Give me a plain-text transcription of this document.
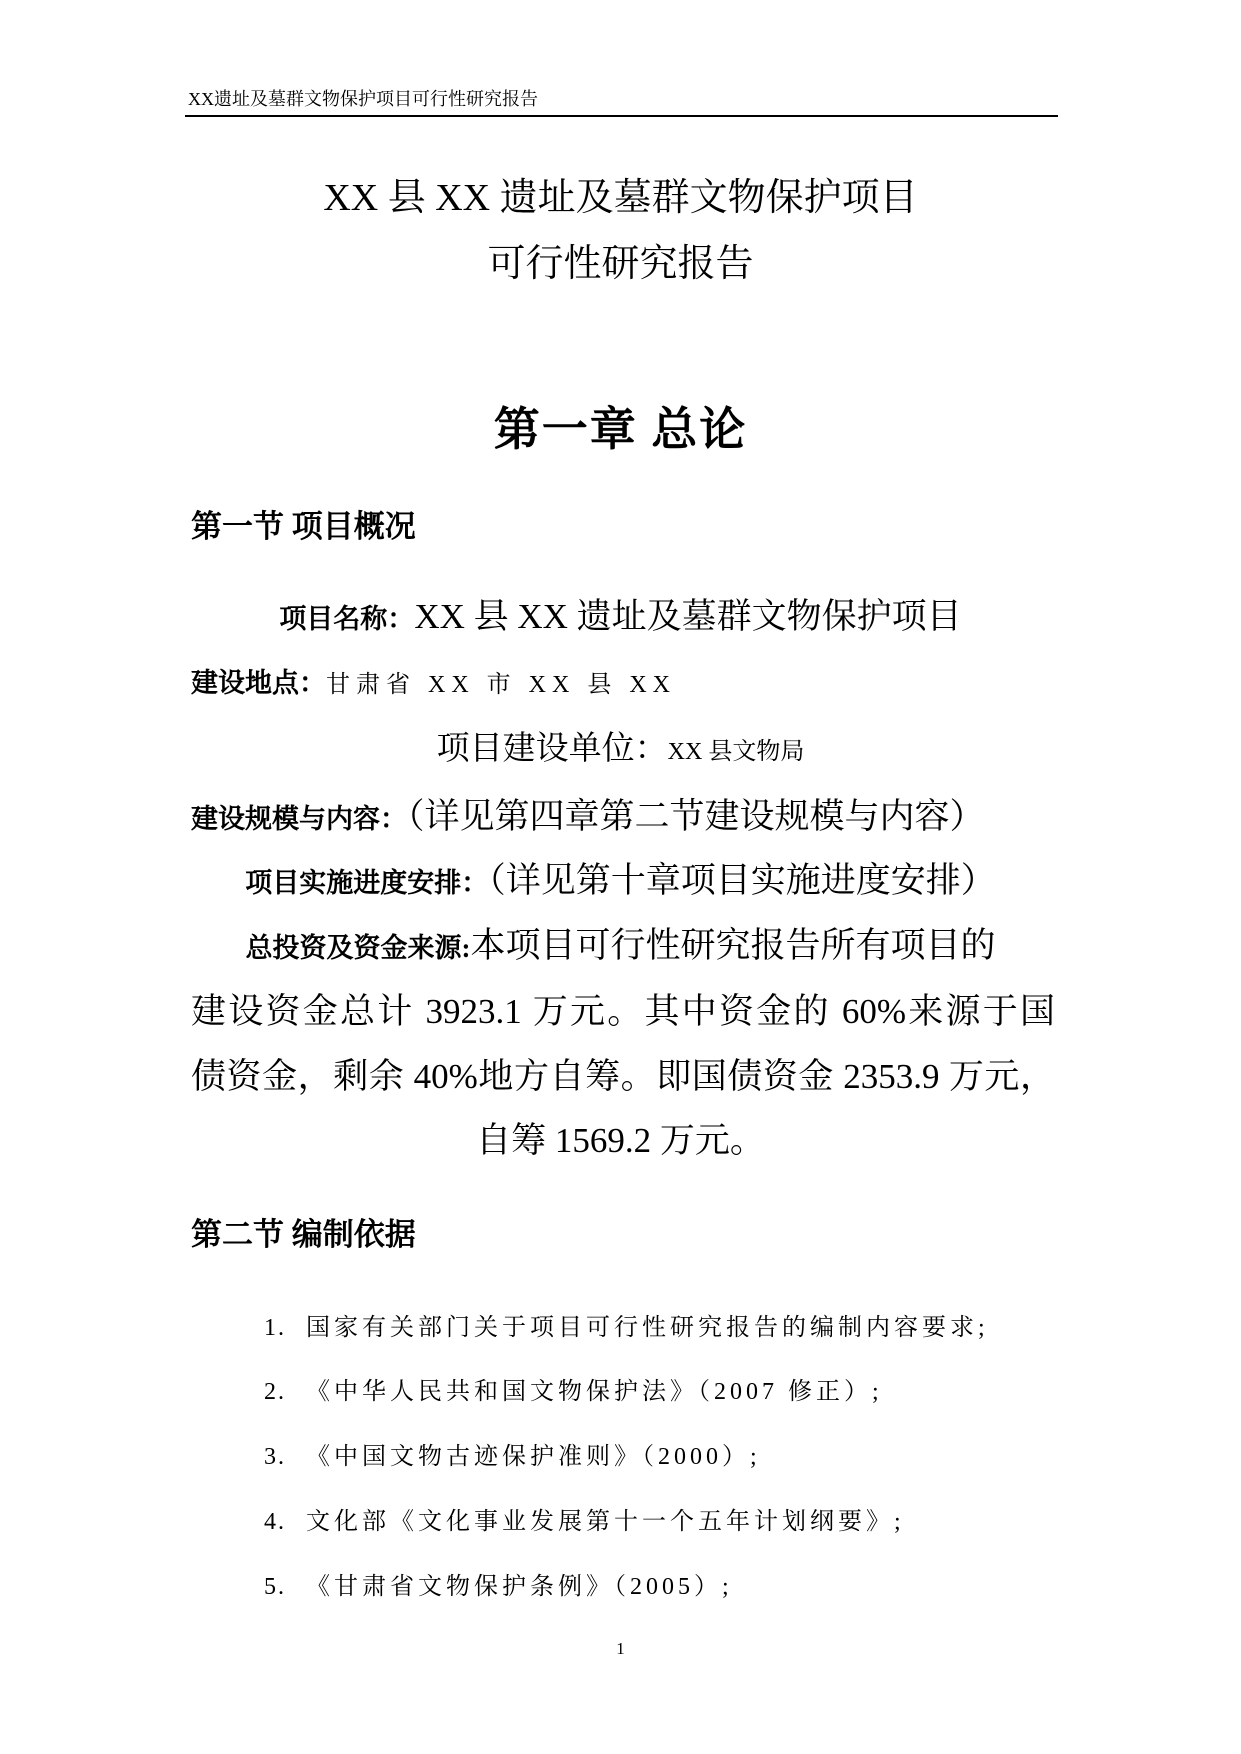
XX遗址及墓群文物保护项目可行性研究报告
XX 县 XX 遗址及墓群文物保护项目
可行性研究报告
第一章 总论
第一节 项目概况
项目名称：XX 县 XX 遗址及墓群文物保护项目
建设地点：甘肃省 XX 市 XX 县 XX
项目建设单位：XX 县文物局
建设规模与内容：（详见第四章第二节建设规模与内容）
项目实施进度安排：（详见第十章项目实施进度安排）
总投资及资金来源:本项目可行性研究报告所有项目的
建设资金总计 3923.1 万元。其中资金的 60%来源于国
债资金，剩余 40%地方自筹。即国债资金 2353.9 万元，
自筹 1569.2 万元。
第二节 编制依据
1. 国家有关部门关于项目可行性研究报告的编制内容要求;
2. 《中华人民共和国文物保护法》（2007 修正）;
3. 《中国文物古迹保护准则》（2000）;
4. 文化部《文化事业发展第十一个五年计划纲要》;
5. 《甘肃省文物保护条例》（2005）;
1
